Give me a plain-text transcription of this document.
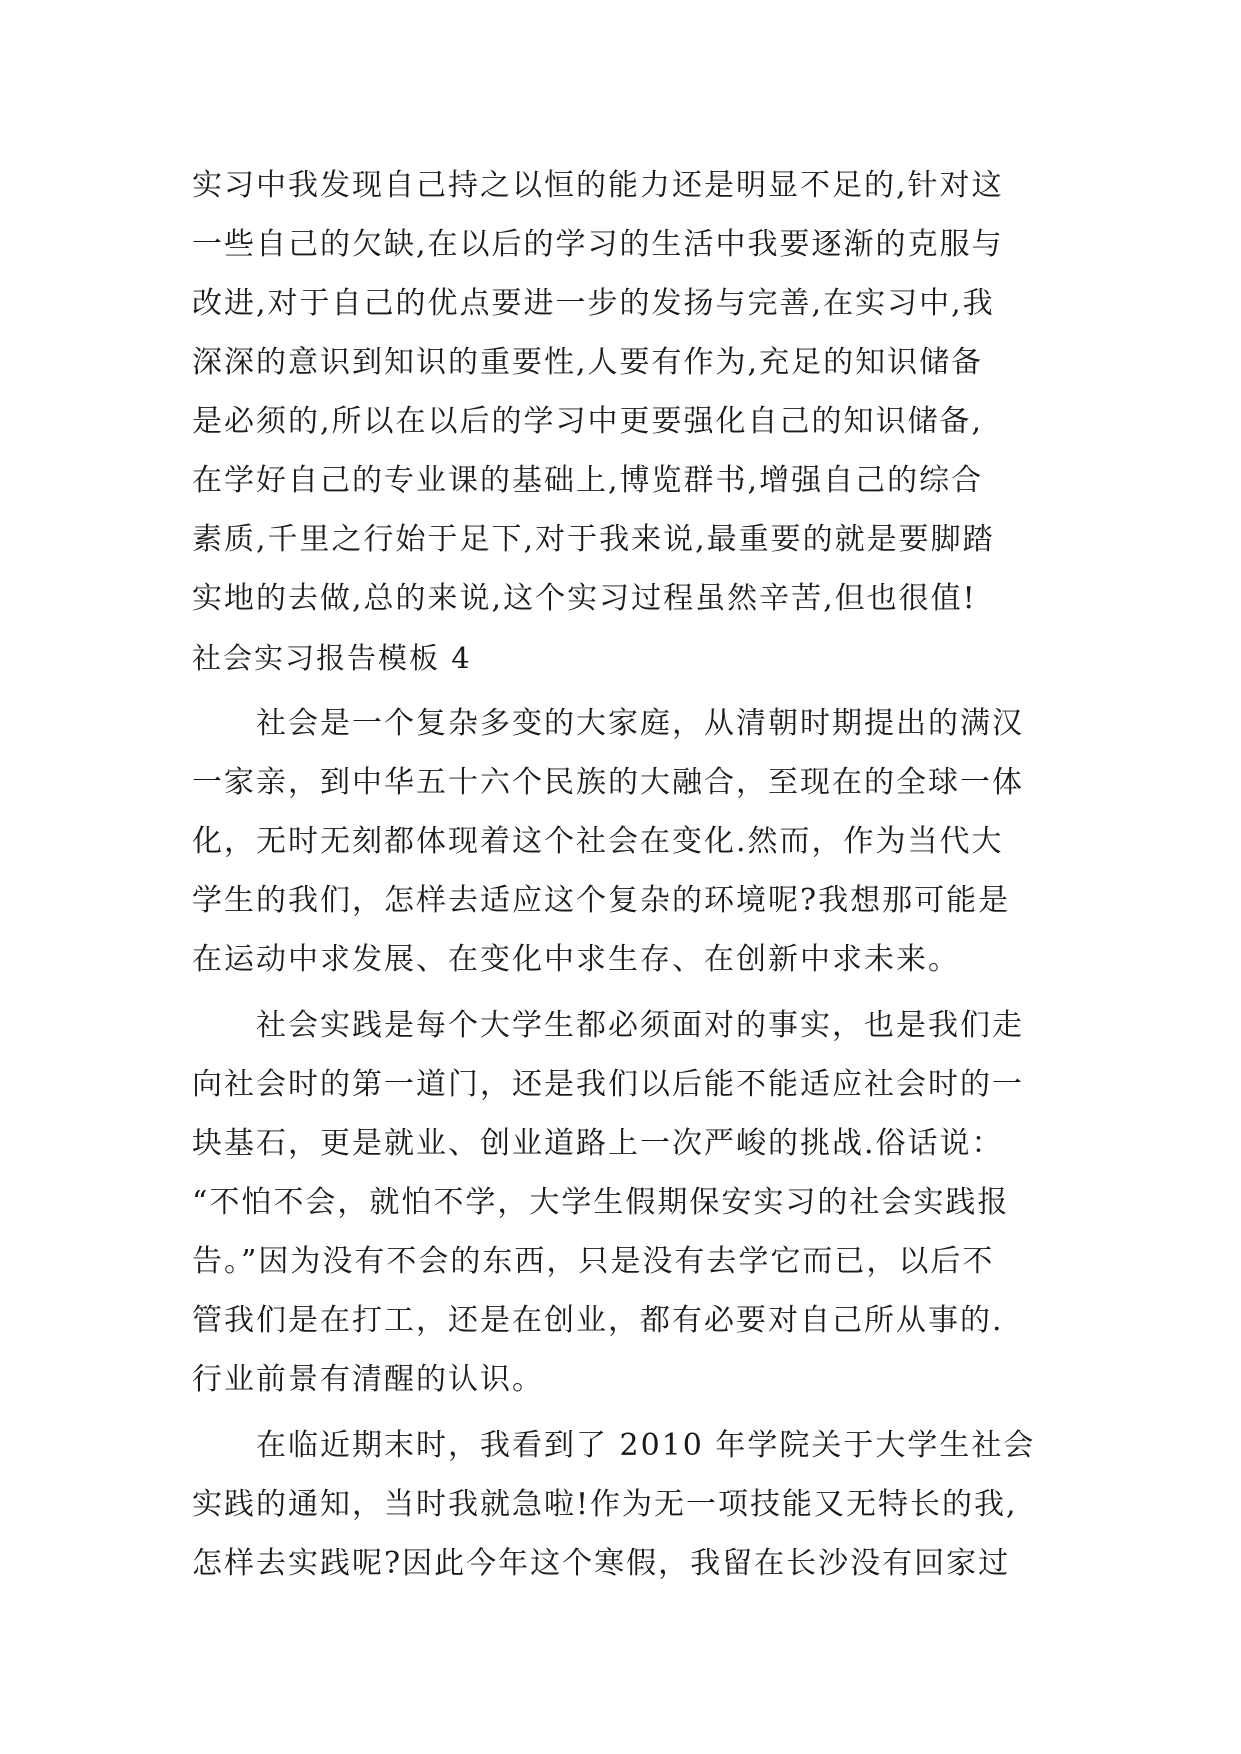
实习中我发现自己持之以恒的能力还是明显不足的,针对这
一些自己的欠缺,在以后的学习的生活中我要逐渐的克服与
改进,对于自己的优点要进一步的发扬与完善,在实习中,我
深深的意识到知识的重要性,人要有作为,充足的知识储备
是必须的,所以在以后的学习中更要强化自己的知识储备,
在学好自己的专业课的基础上,博览群书,增强自己的综合
素质,千里之行始于足下,对于我来说,最重要的就是要脚踏
实地的去做,总的来说,这个实习过程虽然辛苦,但也很值!
社会实习报告模板 4
社会是一个复杂多变的大家庭，从清朝时期提出的满汉
一家亲，到中华五十六个民族的大融合，至现在的全球一体
化，无时无刻都体现着这个社会在变化.然而，作为当代大
学生的我们，怎样去适应这个复杂的环境呢?我想那可能是
在运动中求发展、在变化中求生存、在创新中求未来。
社会实践是每个大学生都必须面对的事实，也是我们走
向社会时的第一道门，还是我们以后能不能适应社会时的一
块基石，更是就业、创业道路上一次严峻的挑战.俗话说：
“不怕不会，就怕不学，大学生假期保安实习的社会实践报
告。”因为没有不会的东西，只是没有去学它而已，以后不
管我们是在打工，还是在创业，都有必要对自己所从事的.
行业前景有清醒的认识。
在临近期末时，我看到了 2010 年学院关于大学生社会
实践的通知，当时我就急啦!作为无一项技能又无特长的我,
怎样去实践呢?因此今年这个寒假，我留在长沙没有回家过
